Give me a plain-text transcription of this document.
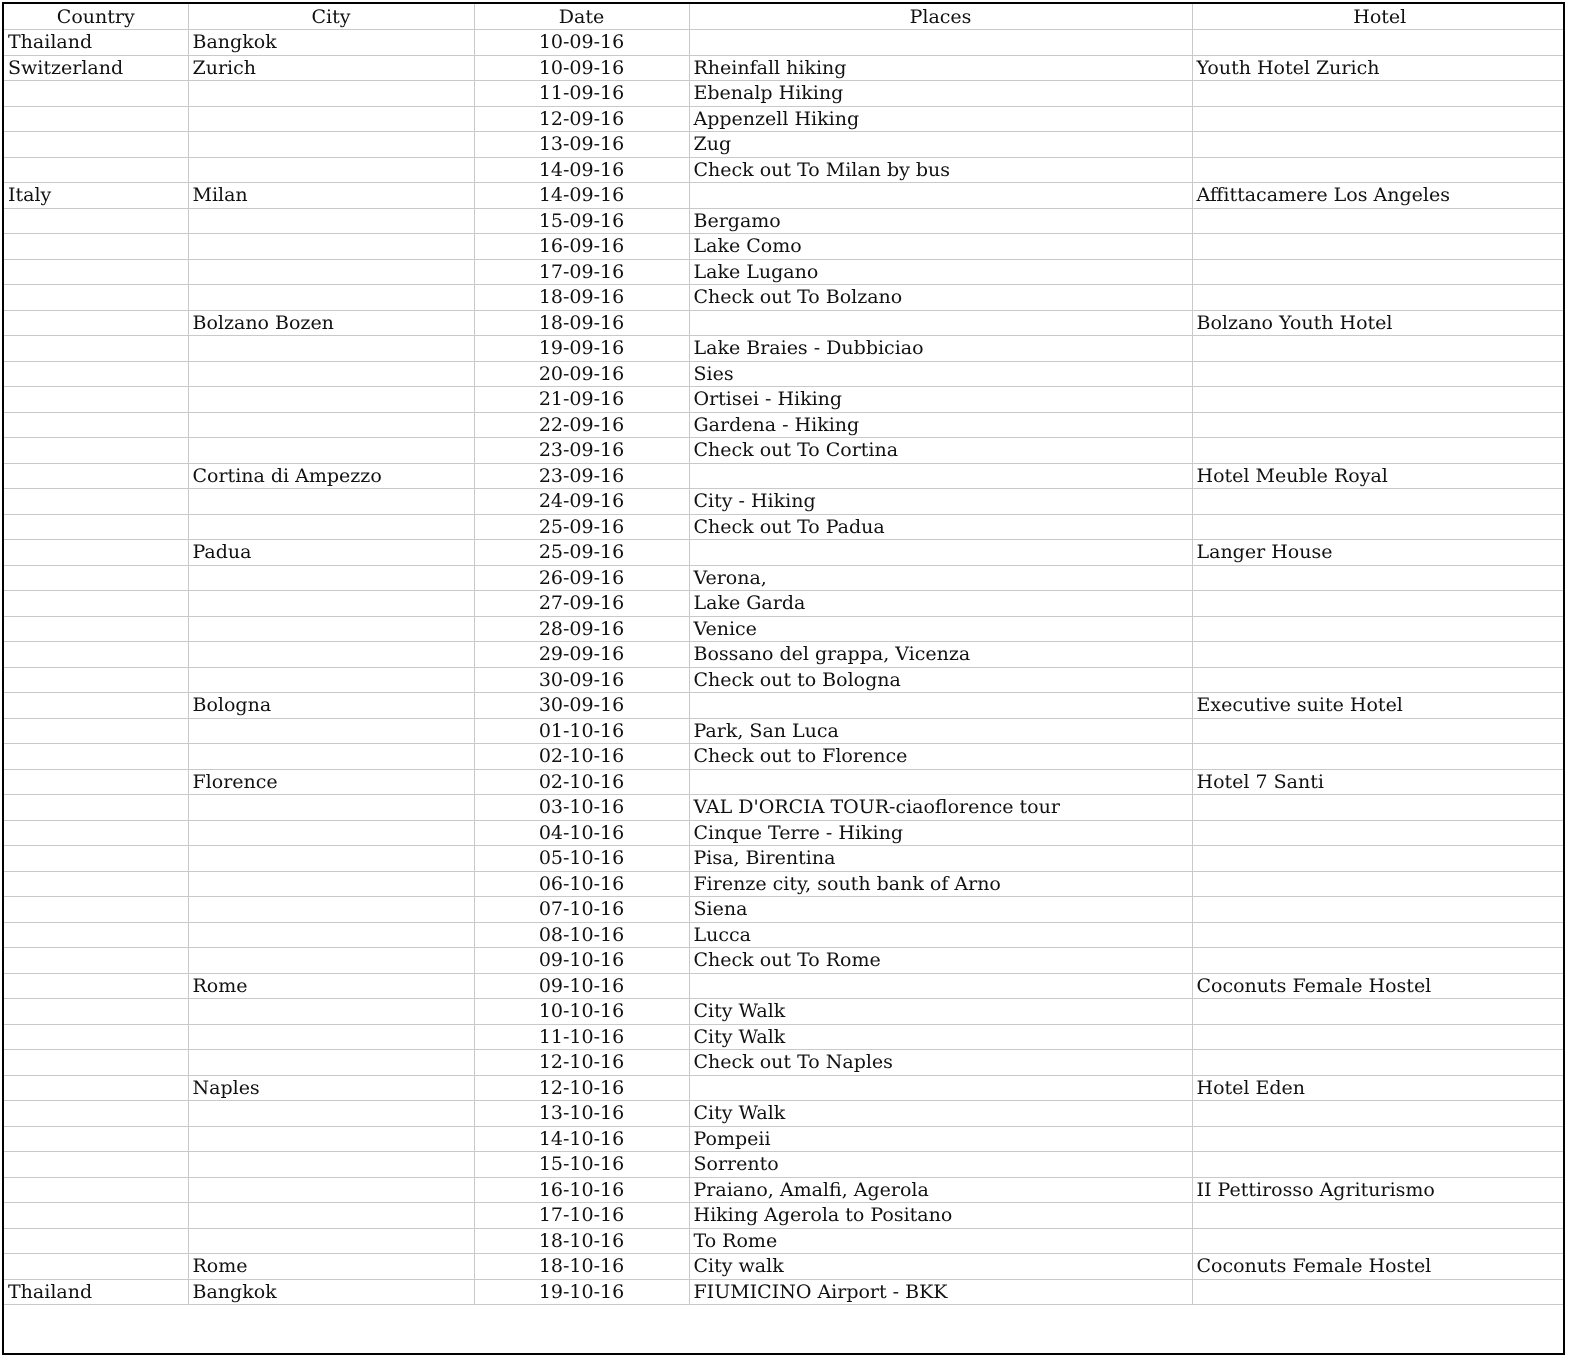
Country	City	Date	Places	Hotel
Thailand	Bangkok	10-09-16		
Switzerland	Zurich	10-09-16	Rheinfall hiking	Youth Hotel Zurich
		11-09-16	Ebenalp Hiking	
		12-09-16	Appenzell Hiking	
		13-09-16	Zug	
		14-09-16	Check out To Milan by bus	
Italy	Milan	14-09-16		Affittacamere Los Angeles
		15-09-16	Bergamo	
		16-09-16	Lake Como	
		17-09-16	Lake Lugano	
		18-09-16	Check out To Bolzano	
	Bolzano Bozen	18-09-16		Bolzano Youth Hotel
		19-09-16	Lake Braies - Dubbiciao	
		20-09-16	Sies	
		21-09-16	Ortisei - Hiking	
		22-09-16	Gardena - Hiking	
		23-09-16	Check out To Cortina	
	Cortina di Ampezzo	23-09-16		Hotel Meuble Royal
		24-09-16	City - Hiking	
		25-09-16	Check out To Padua	
	Padua	25-09-16		Langer House
		26-09-16	Verona,	
		27-09-16	Lake Garda	
		28-09-16	Venice	
		29-09-16	Bossano del grappa, Vicenza	
		30-09-16	Check out to Bologna	
	Bologna	30-09-16		Executive suite Hotel
		01-10-16	Park, San Luca	
		02-10-16	Check out to Florence	
	Florence	02-10-16		Hotel 7 Santi
		03-10-16	VAL D'ORCIA TOUR-ciaoflorence tour	
		04-10-16	Cinque Terre - Hiking	
		05-10-16	Pisa, Birentina	
		06-10-16	Firenze city, south bank of Arno	
		07-10-16	Siena	
		08-10-16	Lucca	
		09-10-16	Check out To Rome	
	Rome	09-10-16		Coconuts Female Hostel
		10-10-16	City Walk	
		11-10-16	City Walk	
		12-10-16	Check out To Naples	
	Naples	12-10-16		Hotel Eden
		13-10-16	City Walk	
		14-10-16	Pompeii	
		15-10-16	Sorrento	
		16-10-16	Praiano, Amalfi, Agerola	II Pettirosso Agriturismo
		17-10-16	Hiking Agerola to Positano	
		18-10-16	To Rome	
	Rome	18-10-16	City walk	Coconuts Female Hostel
Thailand	Bangkok	19-10-16	FIUMICINO Airport - BKK	
